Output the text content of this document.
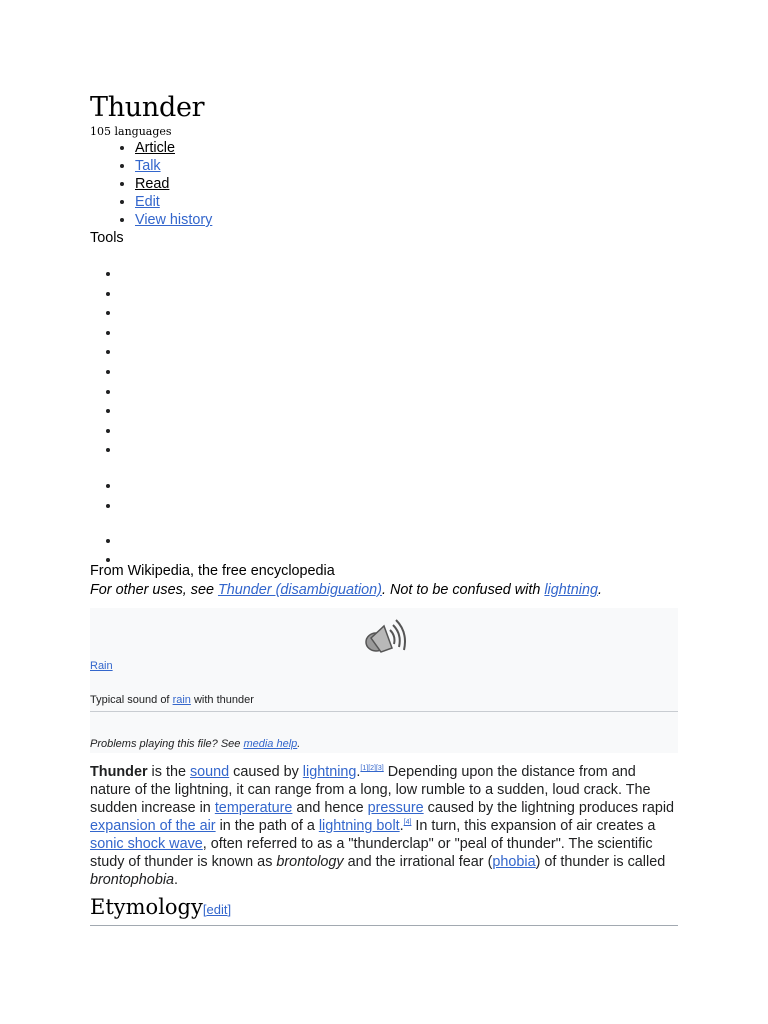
Thunder
105 languages
• Article
• Talk
• Read
• Edit
• View history
Tools
•
•
•
•
•
•
•
•
•
•
•
•
•
•
From Wikipedia, the free encyclopedia
For other uses, see Thunder (disambiguation). Not to be confused with lightning.
Rain
Duration: 25 seconds.
Typical sound of rain with thunder
Problems playing this file? See media help.

Thunder is the sound caused by lightning.[1][2][3] Depending upon the distance from and nature of the lightning, it can range from a long, low rumble to a sudden, loud crack. The sudden increase in temperature and hence pressure caused by the lightning produces rapid expansion of the air in the path of a lightning bolt.[4] In turn, this expansion of air creates a sonic shock wave, often referred to as a "thunderclap" or "peal of thunder". The scientific study of thunder is known as brontology and the irrational fear (phobia) of thunder is called brontophobia.

Etymology[edit]
